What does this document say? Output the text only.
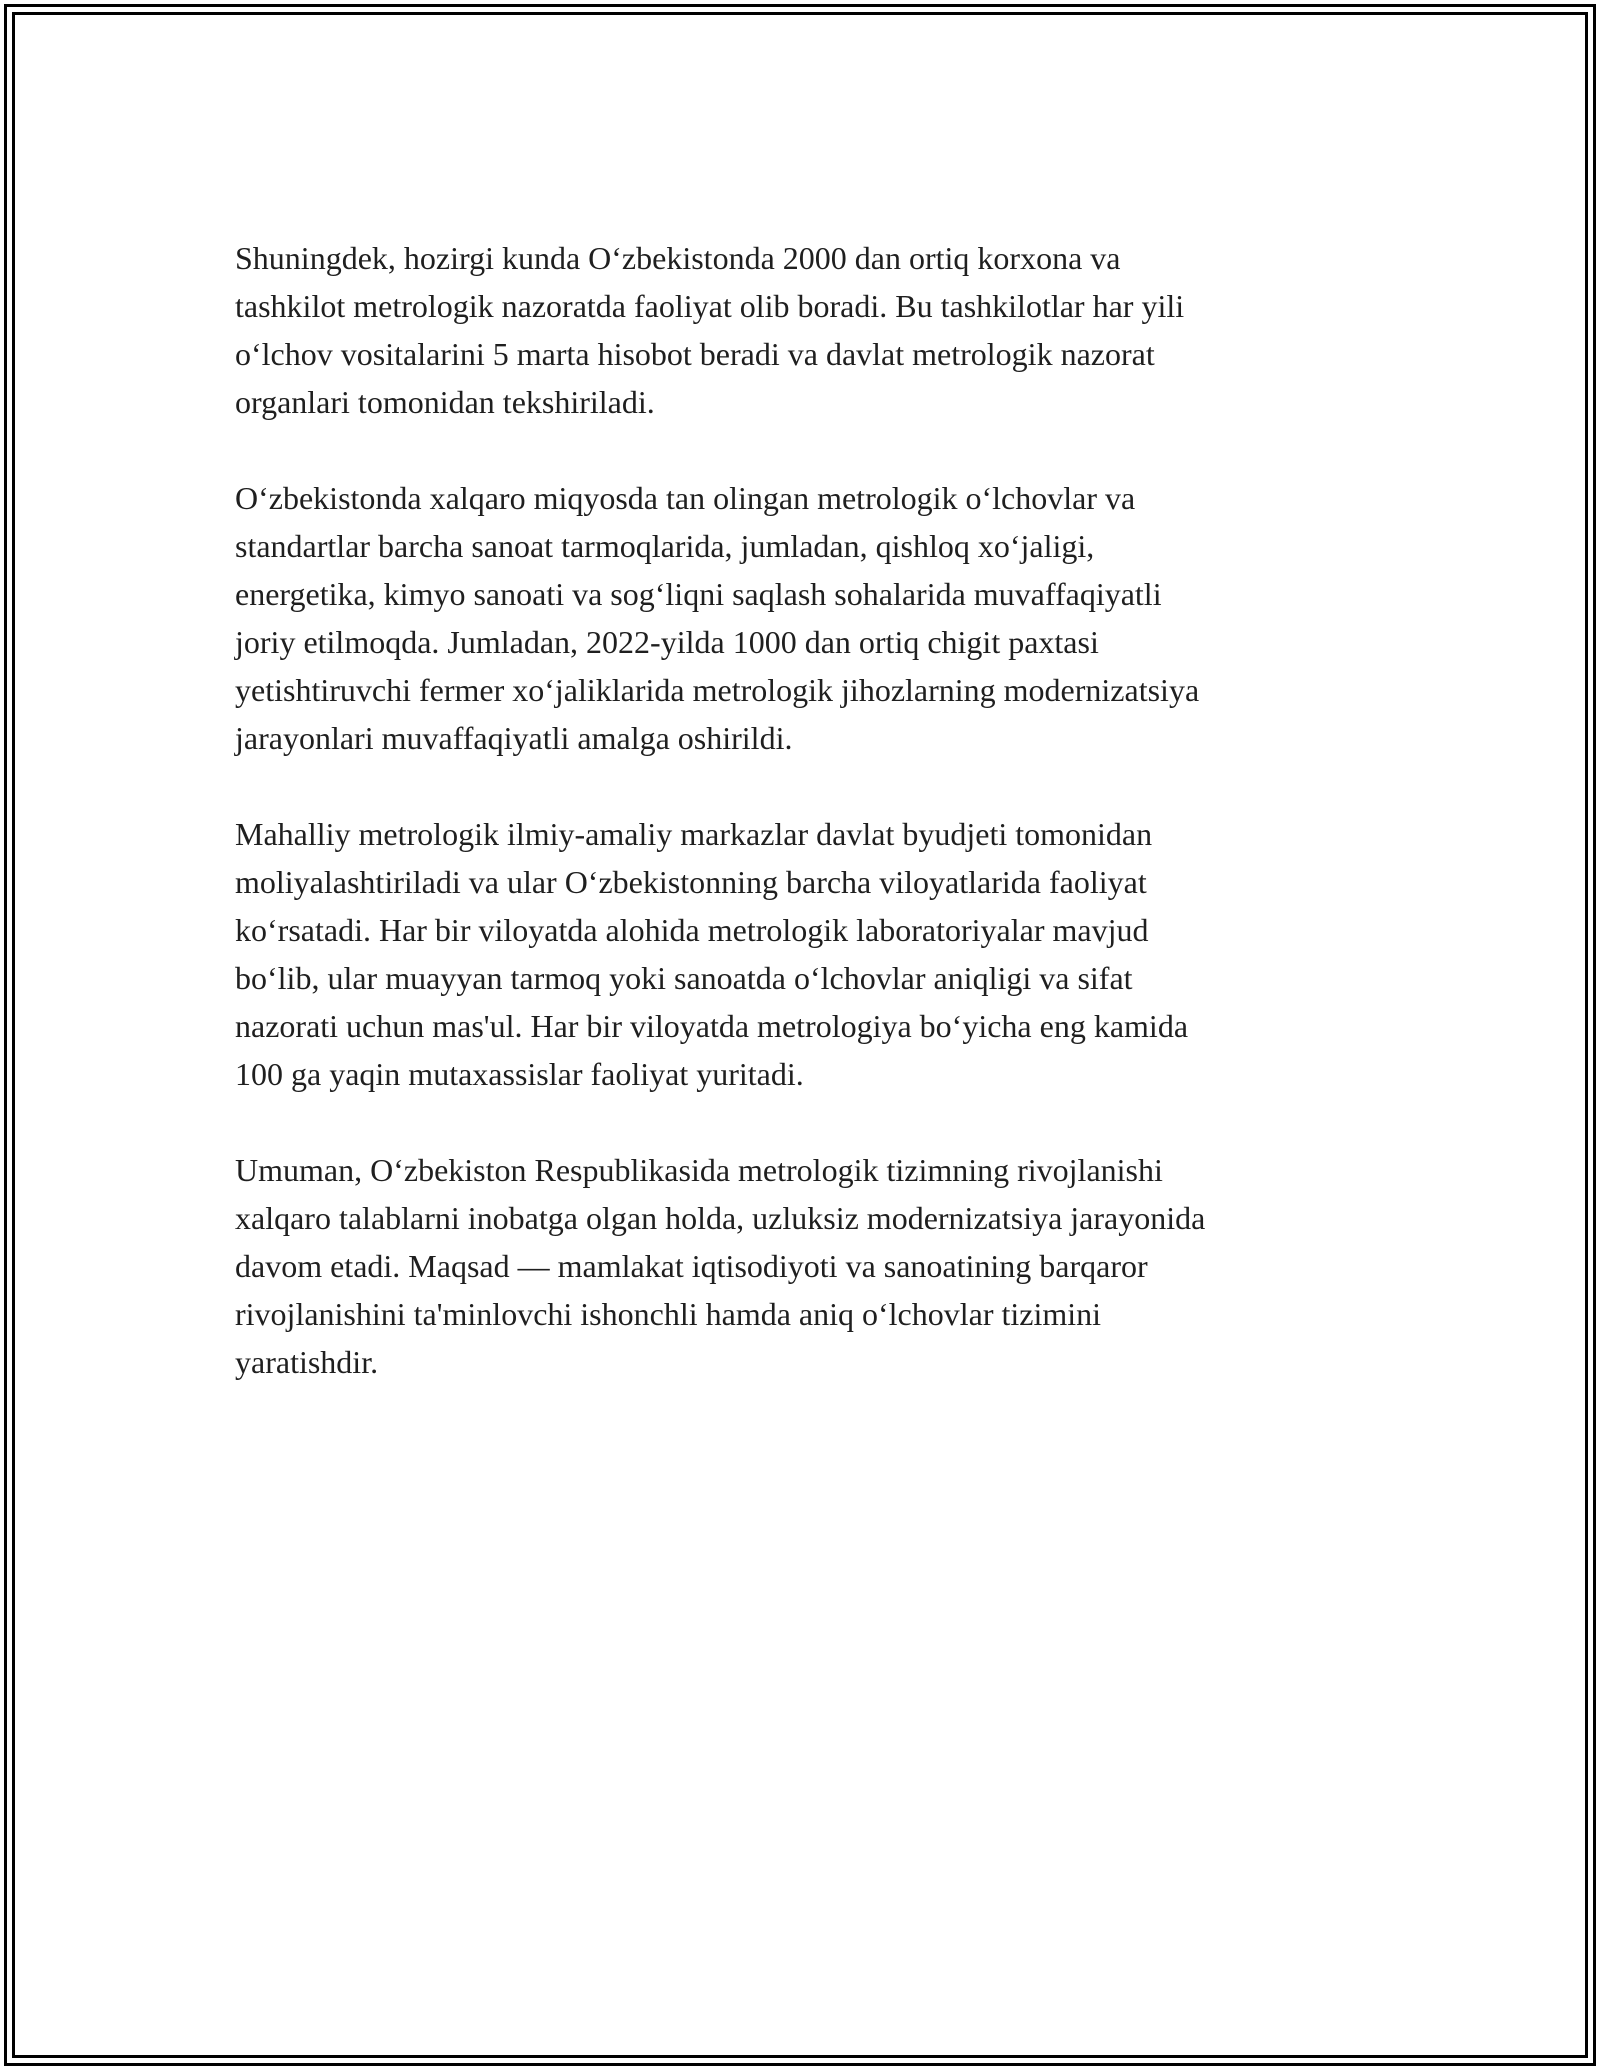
Shuningdek, hozirgi kunda O‘zbekistonda 2000 dan ortiq korxona va
tashkilot metrologik nazoratda faoliyat olib boradi. Bu tashkilotlar har yili
o‘lchov vositalarini 5 marta hisobot beradi va davlat metrologik nazorat
organlari tomonidan tekshiriladi.

O‘zbekistonda xalqaro miqyosda tan olingan metrologik o‘lchovlar va
standartlar barcha sanoat tarmoqlarida, jumladan, qishloq xo‘jaligi,
energetika, kimyo sanoati va sog‘liqni saqlash sohalarida muvaffaqiyatli
joriy etilmoqda. Jumladan, 2022-yilda 1000 dan ortiq chigit paxtasi
yetishtiruvchi fermer xo‘jaliklarida metrologik jihozlarning modernizatsiya
jarayonlari muvaffaqiyatli amalga oshirildi.

Mahalliy metrologik ilmiy-amaliy markazlar davlat byudjeti tomonidan
moliyalashtiriladi va ular O‘zbekistonning barcha viloyatlarida faoliyat
ko‘rsatadi. Har bir viloyatda alohida metrologik laboratoriyalar mavjud
bo‘lib, ular muayyan tarmoq yoki sanoatda o‘lchovlar aniqligi va sifat
nazorati uchun mas'ul. Har bir viloyatda metrologiya bo‘yicha eng kamida
100 ga yaqin mutaxassislar faoliyat yuritadi.

Umuman, O‘zbekiston Respublikasida metrologik tizimning rivojlanishi
xalqaro talablarni inobatga olgan holda, uzluksiz modernizatsiya jarayonida
davom etadi. Maqsad — mamlakat iqtisodiyoti va sanoatining barqaror
rivojlanishini ta'minlovchi ishonchli hamda aniq o‘lchovlar tizimini
yaratishdir.
